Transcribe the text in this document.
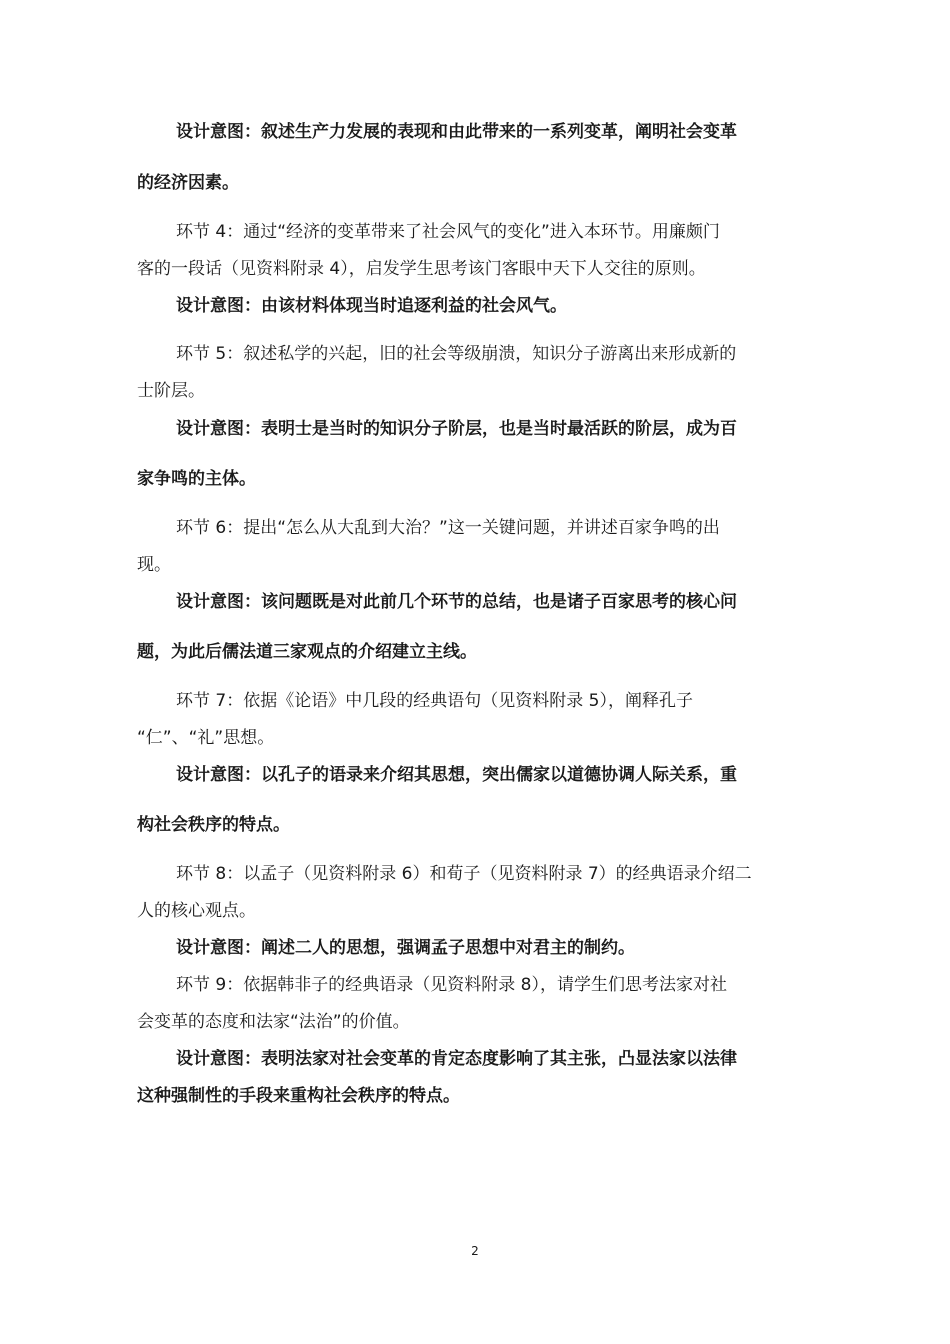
设计意图：叙述生产力发展的表现和由此带来的一系列变革，阐明社会变革
的经济因素。
环节 4：通过“经济的变革带来了社会风气的变化”进入本环节。用廉颇门
客的一段话（见资料附录 4），启发学生思考该门客眼中天下人交往的原则。
设计意图：由该材料体现当时追逐利益的社会风气。
环节 5：叙述私学的兴起，旧的社会等级崩溃，知识分子游离出来形成新的
士阶层。
设计意图：表明士是当时的知识分子阶层，也是当时最活跃的阶层，成为百
家争鸣的主体。
环节 6：提出“怎么从大乱到大治？”这一关键问题，并讲述百家争鸣的出
现。
设计意图：该问题既是对此前几个环节的总结，也是诸子百家思考的核心问
题，为此后儒法道三家观点的介绍建立主线。
环节 7：依据《论语》中几段的经典语句（见资料附录 5），阐释孔子
“仁”、“礼”思想。
设计意图：以孔子的语录来介绍其思想，突出儒家以道德协调人际关系，重
构社会秩序的特点。
环节 8：以孟子（见资料附录 6）和荀子（见资料附录 7）的经典语录介绍二
人的核心观点。
设计意图：阐述二人的思想，强调孟子思想中对君主的制约。
环节 9：依据韩非子的经典语录（见资料附录 8），请学生们思考法家对社
会变革的态度和法家“法治”的价值。
设计意图：表明法家对社会变革的肯定态度影响了其主张，凸显法家以法律
这种强制性的手段来重构社会秩序的特点。
2
